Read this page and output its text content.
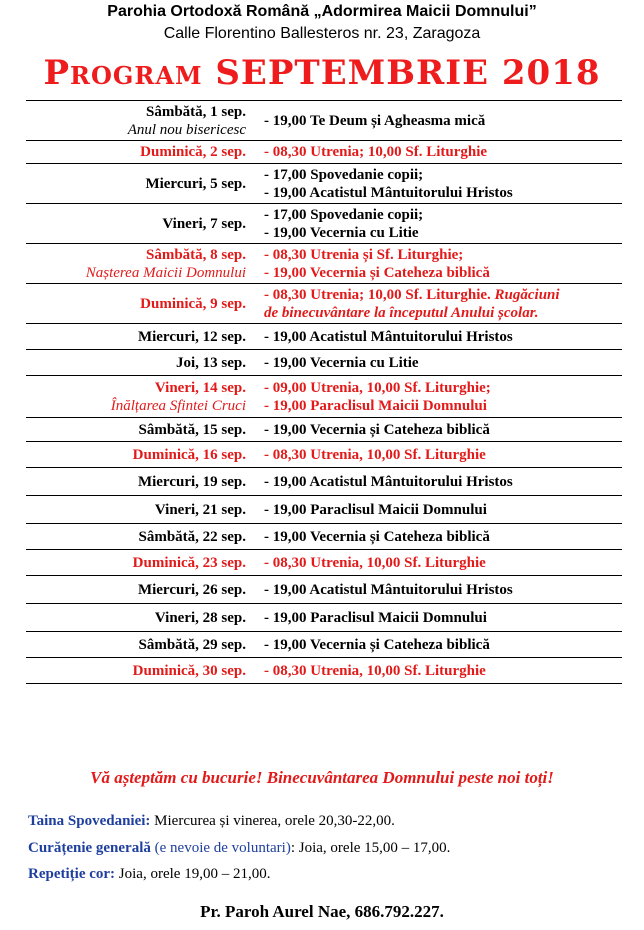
Parohia Ortodoxă Română „Adormirea Maicii Domnului”
Calle Florentino Ballesteros nr. 23, Zaragoza
Program SEPTEMBRIE 2018
Sâmbătă, 1 sep.
Anul nou bisericesc
- 19,00 Te Deum și Agheasma mică
Duminică, 2 sep. - 08,30 Utrenia; 10,00 Sf. Liturghie
Miercuri, 5 sep.
- 17,00 Spovedanie copii;
- 19,00 Acatistul Mântuitorului Hristos
Vineri, 7 sep.
- 17,00 Spovedanie copii;
- 19,00 Vecernia cu Litie
Sâmbătă, 8 sep.
Nașterea Maicii Domnului
- 08,30 Utrenia și Sf. Liturghie;
- 19,00 Vecernia și Cateheza biblică
Duminică, 9 sep.
- 08,30 Utrenia; 10,00 Sf. Liturghie. Rugăciuni
de binecuvântare la începutul Anului școlar.
Miercuri, 12 sep. - 19,00 Acatistul Mântuitorului Hristos
Joi, 13 sep. - 19,00 Vecernia cu Litie
Vineri, 14 sep.
Înălțarea Sfintei Cruci
- 09,00 Utrenia, 10,00 Sf. Liturghie;
- 19,00 Paraclisul Maicii Domnului
Sâmbătă, 15 sep. - 19,00 Vecernia și Cateheza biblică
Duminică, 16 sep. - 08,30 Utrenia, 10,00 Sf. Liturghie
Miercuri, 19 sep. - 19,00 Acatistul Mântuitorului Hristos
Vineri, 21 sep. - 19,00 Paraclisul Maicii Domnului
Sâmbătă, 22 sep. - 19,00 Vecernia și Cateheza biblică
Duminică, 23 sep. - 08,30 Utrenia, 10,00 Sf. Liturghie
Miercuri, 26 sep. - 19,00 Acatistul Mântuitorului Hristos
Vineri, 28 sep. - 19,00 Paraclisul Maicii Domnului
Sâmbătă, 29 sep. - 19,00 Vecernia și Cateheza biblică
Duminică, 30 sep. - 08,30 Utrenia, 10,00 Sf. Liturghie
Vă așteptăm cu bucurie! Binecuvântarea Domnului peste noi toți!
Taina Spovedaniei: Miercurea și vinerea, orele 20,30-22,00.
Curățenie generală (e nevoie de voluntari): Joia, orele 15,00 – 17,00.
Repetiție cor: Joia, orele 19,00 – 21,00.
Pr. Paroh Aurel Nae, 686.792.227.
